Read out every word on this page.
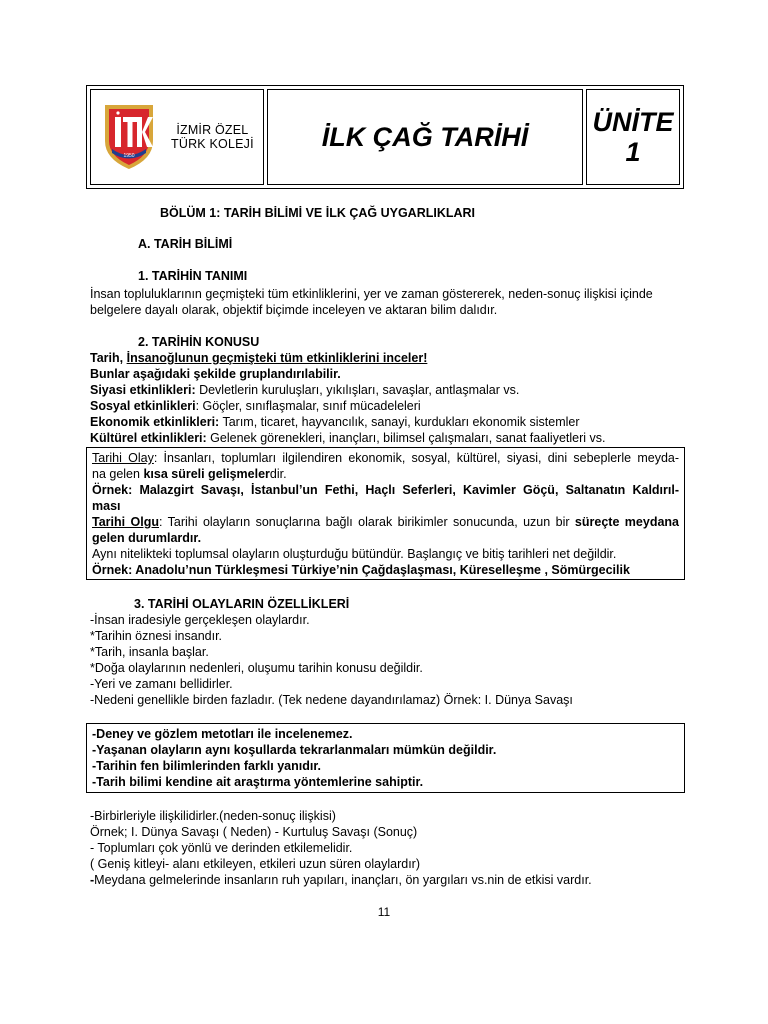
1950
İZMİR ÖZEL
TÜRK KOLEJİ	İLK ÇAĞ TARİHİ	ÜNİTE
1
BÖLÜM 1: TARİH BİLİMİ VE İLK ÇAĞ UYGARLIKLARI
A. TARİH BİLİMİ
1. TARİHİN TANIMI
İnsan topluluklarının geçmişteki tüm etkinliklerini, yer ve zaman göstererek, neden-sonuç ilişkisi içinde
belgelere dayalı olarak, objektif biçimde inceleyen ve aktaran bilim dalıdır.
2. TARİHİN KONUSU
Tarih, İnsanoğlunun geçmişteki tüm etkinliklerini inceler!
Bunlar aşağıdaki şekilde gruplandırılabilir.
Siyasi etkinlikleri: Devletlerin kuruluşları, yıkılışları, savaşlar, antlaşmalar vs.
Sosyal etkinlikleri: Göçler, sınıflaşmalar, sınıf mücadeleleri
Ekonomik etkinlikleri: Tarım, ticaret, hayvancılık, sanayi, kurdukları ekonomik sistemler
Kültürel etkinlikleri: Gelenek görenekleri, inançları, bilimsel çalışmaları, sanat faaliyetleri vs.
Tarihi Olay: İnsanları, toplumları ilgilendiren ekonomik, sosyal, kültürel, siyasi, dini sebeplerle meyda-
na gelen kısa süreli gelişmelerdir.
Örnek: Malazgirt Savaşı, İstanbul’un Fethi, Haçlı Seferleri, Kavimler Göçü, Saltanatın Kaldırıl-
ması
Tarihi Olgu: Tarihi olayların sonuçlarına bağlı olarak birikimler sonucunda, uzun bir süreçte meydana
gelen durumlardır.
Aynı nitelikteki toplumsal olayların oluşturduğu bütündür. Başlangıç ve bitiş tarihleri net değildir.
Örnek: Anadolu’nun Türkleşmesi Türkiye’nin Çağdaşlaşması, Küreselleşme , Sömürgecilik
3. TARİHİ OLAYLARIN ÖZELLİKLERİ
-İnsan iradesiyle gerçekleşen olaylardır.
*Tarihin öznesi insandır.
*Tarih, insanla başlar.
*Doğa olaylarının nedenleri, oluşumu tarihin konusu değildir.
-Yeri ve zamanı bellidirler.
-Nedeni genellikle birden fazladır. (Tek nedene dayandırılamaz) Örnek: I. Dünya Savaşı
-Deney ve gözlem metotları ile incelenemez.
-Yaşanan olayların aynı koşullarda tekrarlanmaları mümkün değildir.
-Tarihin fen bilimlerinden farklı yanıdır.
-Tarih bilimi kendine ait araştırma yöntemlerine sahiptir.
-Birbirleriyle ilişkilidirler.(neden-sonuç ilişkisi)
Örnek; I. Dünya Savaşı ( Neden) - Kurtuluş Savaşı (Sonuç)
- Toplumları çok yönlü ve derinden etkilemelidir.
( Geniş kitleyi- alanı etkileyen, etkileri uzun süren olaylardır)
-Meydana gelmelerinde insanların ruh yapıları, inançları, ön yargıları vs.nin de etkisi vardır.
11
